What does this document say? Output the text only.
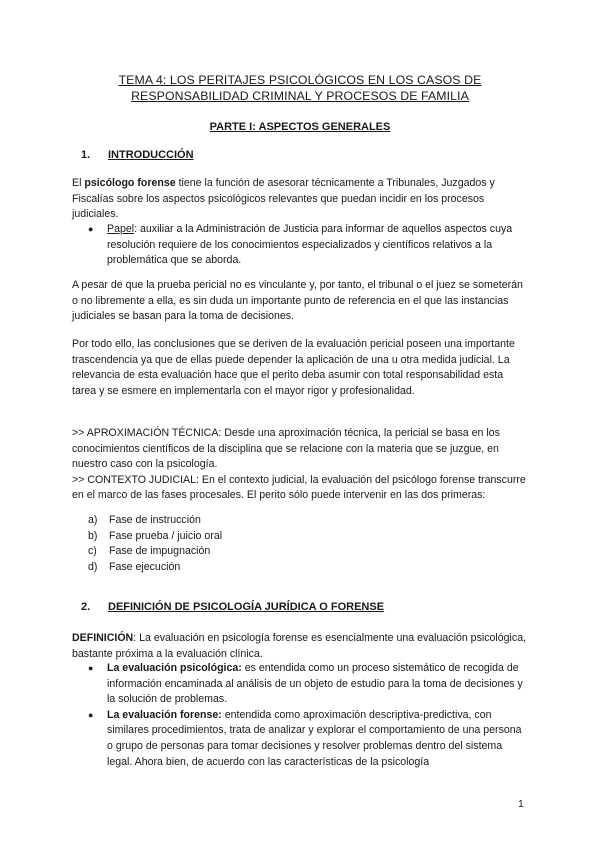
TEMA 4: LOS PERITAJES PSICOLÓGICOS EN LOS CASOS DE
RESPONSABILIDAD CRIMINAL Y PROCESOS DE FAMILIA
PARTE I: ASPECTOS GENERALES
1. INTRODUCCIÓN

El psicólogo forense tiene la función de asesorar técnicamente a Tribunales, Juzgados y Fiscalías sobre los aspectos psicológicos relevantes que puedan incidir en los procesos judiciales.

● Papel: auxiliar a la Administración de Justicia para informar de aquellos aspectos cuya resolución requiere de los conocimientos especializados y científicos relativos a la problemática que se aborda.
A pesar de que la prueba pericial no es vinculante y, por tanto, el tribunal o el juez se someterán o no libremente a ella, es sin duda un importante punto de referencia en el que las instancias judiciales se basan para la toma de decisiones.
Por todo ello, las conclusiones que se deriven de la evaluación pericial poseen una importante trascendencia ya que de ellas puede depender la aplicación de una u otra medida judicial. La relevancia de esta evaluación hace que el perito deba asumir con total responsabilidad esta tarea y se esmere en implementarla con el mayor rigor y profesionalidad.

>> APROXIMACIÓN TÉCNICA: Desde una aproximación técnica, la pericial se basa en los conocimientos científicos de la disciplina que se relacione con la materia que se juzgue, en nuestro caso con la psicología.

>> CONTEXTO JUDICIAL: En el contexto judicial, la evaluación del psicólogo forense transcurre en el marco de las fases procesales. El perito sólo puede intervenir en las dos primeras:

a) Fase de instrucción
b) Fase prueba / juicio oral
c) Fase de impugnación
d) Fase ejecución
2. DEFINICIÓN DE PSICOLOGÍA JURÍDICA O FORENSE

DEFINICIÓN: La evaluación en psicología forense es esencialmente una evaluación psicológica, bastante próxima a la evaluación clínica.

● La evaluación psicológica: es entendida como un proceso sistemático de recogida de información encaminada al análisis de un objeto de estudio para la toma de decisiones y la solución de problemas.
● La evaluación forense: entendida como aproximación descriptiva-predictiva, con similares procedimientos, trata de analizar y explorar el comportamiento de una persona o grupo de personas para tomar decisiones y resolver problemas dentro del sistema legal. Ahora bien, de acuerdo con las características de la psicología
1
